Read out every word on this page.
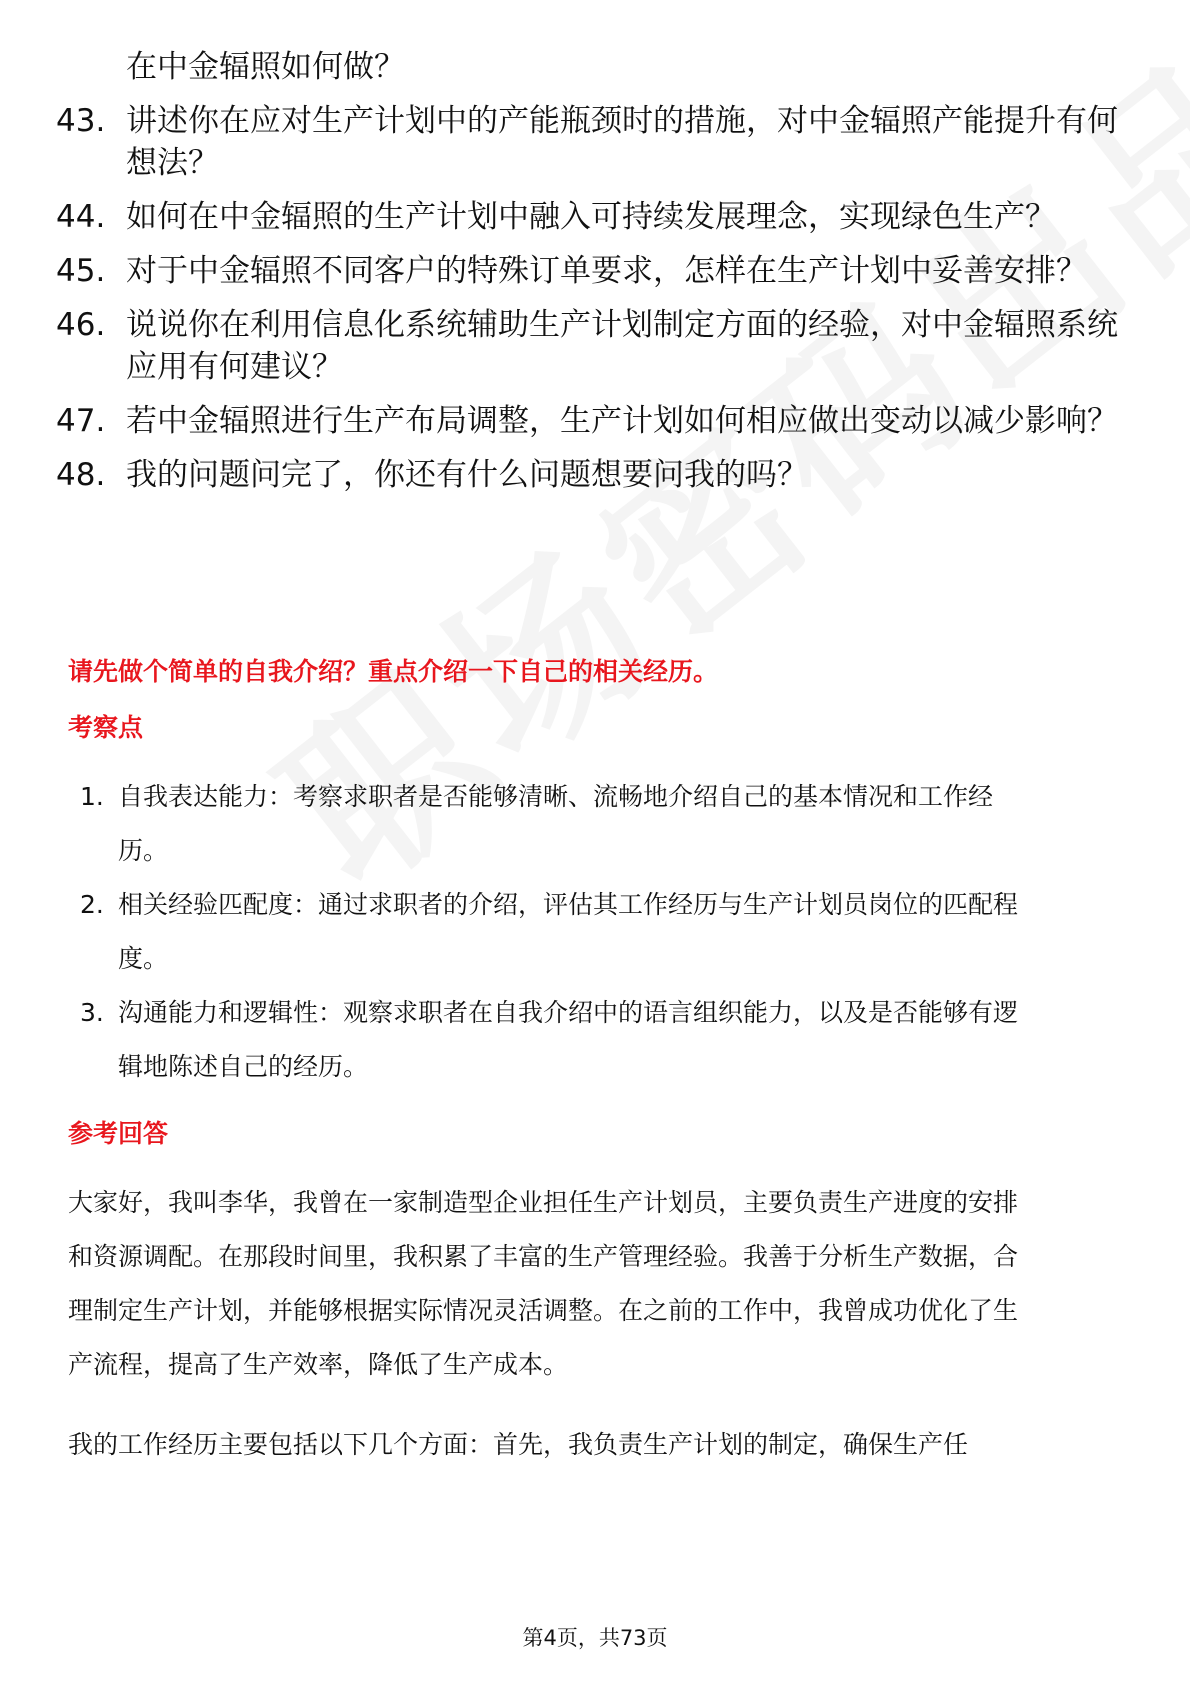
在中金辐照如何做？
43. 讲述你在应对生产计划中的产能瓶颈时的措施，对中金辐照产能提升有何想法？
44. 如何在中金辐照的生产计划中融入可持续发展理念，实现绿色生产？
45. 对于中金辐照不同客户的特殊订单要求，怎样在生产计划中妥善安排？
46. 说说你在利用信息化系统辅助生产计划制定方面的经验，对中金辐照系统应用有何建议？
47. 若中金辐照进行生产布局调整，生产计划如何相应做出变动以减少影响？
48. 我的问题问完了，你还有什么问题想要问我的吗？
请先做个简单的自我介绍？重点介绍一下自己的相关经历。
考察点
1. 自我表达能力：考察求职者是否能够清晰、流畅地介绍自己的基本情况和工作经历。
2. 相关经验匹配度：通过求职者的介绍，评估其工作经历与生产计划员岗位的匹配程度。
3. 沟通能力和逻辑性：观察求职者在自我介绍中的语言组织能力，以及是否能够有逻辑地陈述自己的经历。
参考回答
大家好，我叫李华，我曾在一家制造型企业担任生产计划员，主要负责生产进度的安排和资源调配。在那段时间里，我积累了丰富的生产管理经验。我善于分析生产数据，合理制定生产计划，并能够根据实际情况灵活调整。在之前的工作中，我曾成功优化了生产流程，提高了生产效率，降低了生产成本。
我的工作经历主要包括以下几个方面：首先，我负责生产计划的制定，确保生产任
第4页，共73页
